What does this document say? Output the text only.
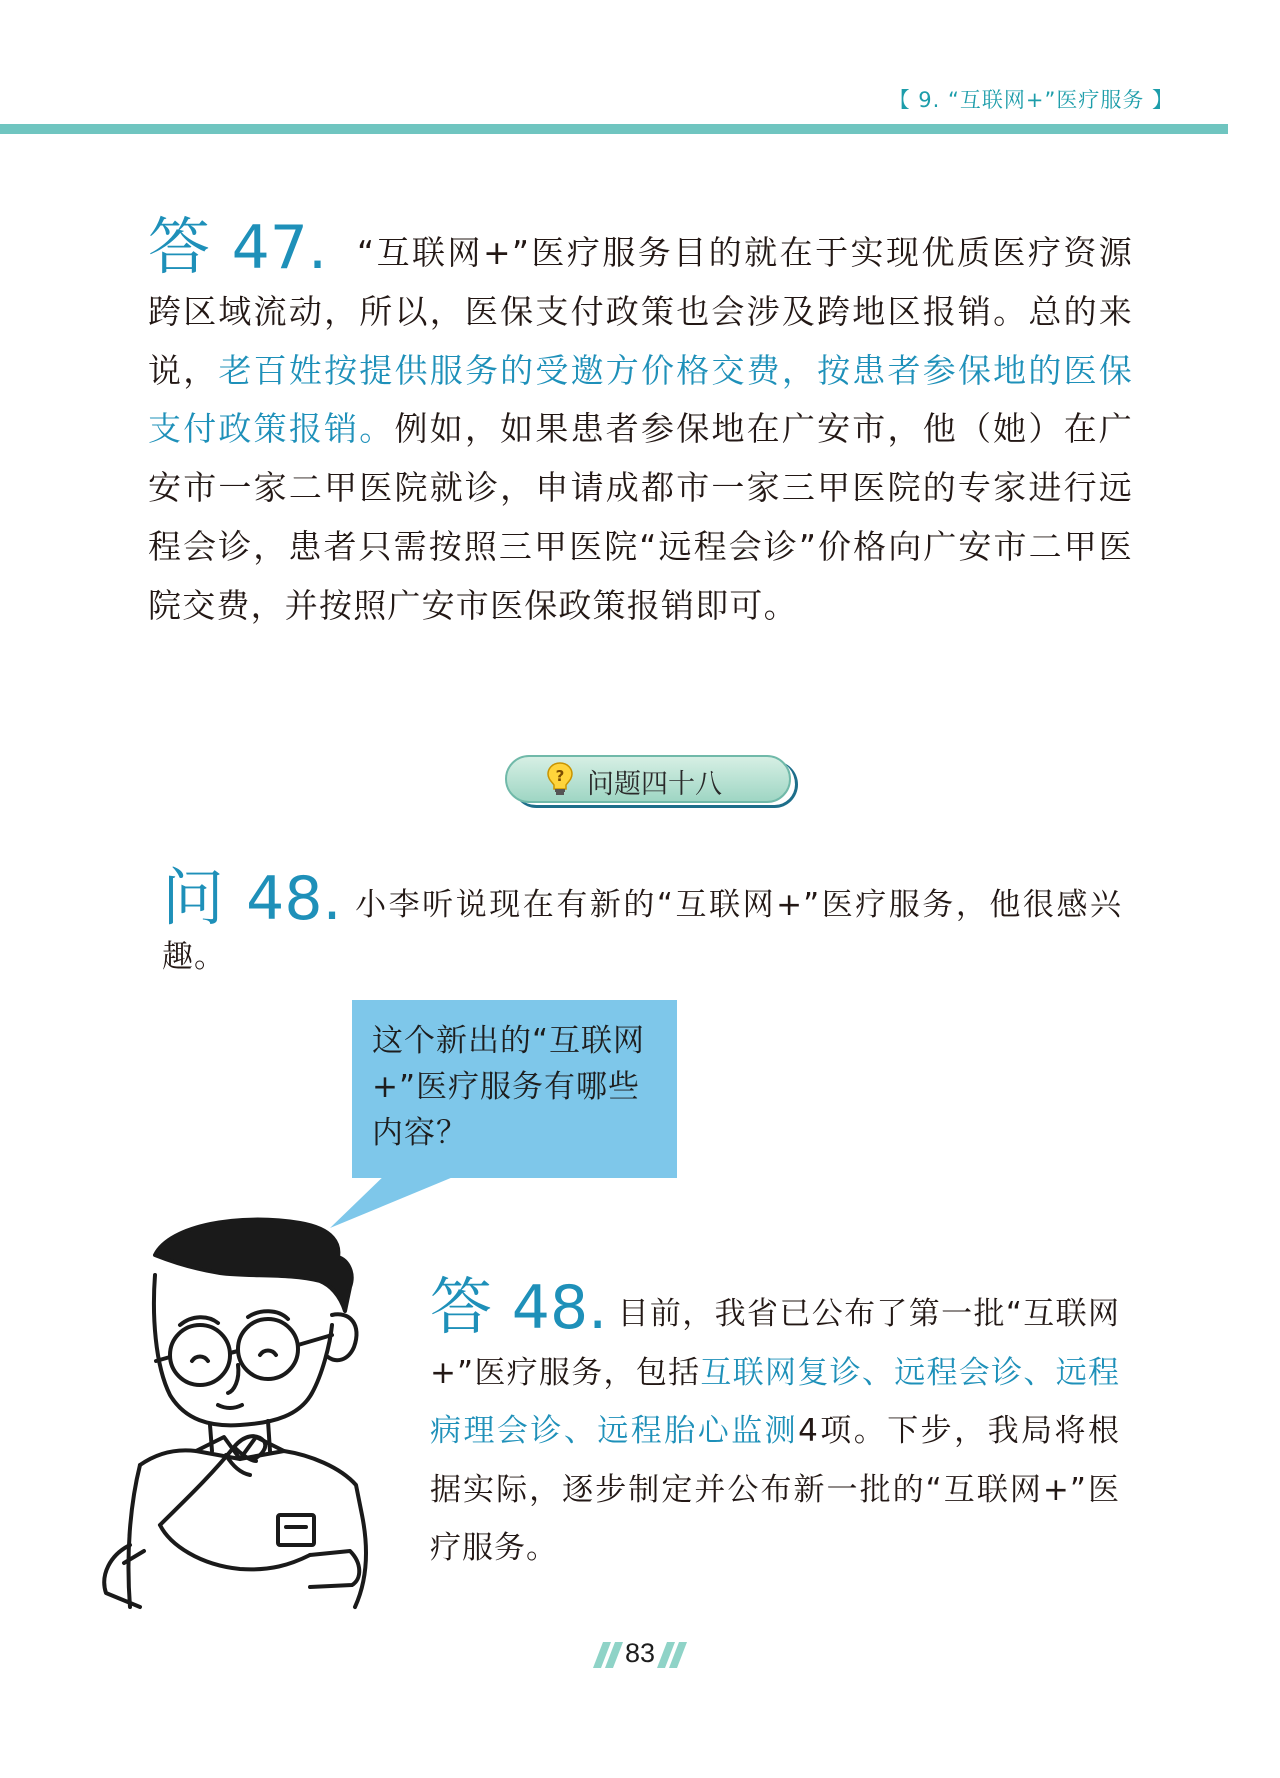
【 9. “互联网+”医疗服务 】

答 47. “互联网+”医疗服务目的就在于实现优质医疗资源跨区域流动，所以，医保支付政策也会涉及跨地区报销。总的来说，老百姓按提供服务的受邀方价格交费，按患者参保地的医保支付政策报销。例如，如果患者参保地在广安市，他（她）在广安市一家二甲医院就诊，申请成都市一家三甲医院的专家进行远程会诊，患者只需按照三甲医院“远程会诊”价格向广安市二甲医院交费，并按照广安市医保政策报销即可。

? 问题四十八

问 48. 小李听说现在有新的“互联网+”医疗服务，他很感兴趣。

这个新出的“互联网+”医疗服务有哪些内容？

答 48. 目前，我省已公布了第一批“互联网+”医疗服务，包括互联网复诊、远程会诊、远程病理会诊、远程胎心监测4项。下步，我局将根据实际，逐步制定并公布新一批的“互联网+”医疗服务。

83
